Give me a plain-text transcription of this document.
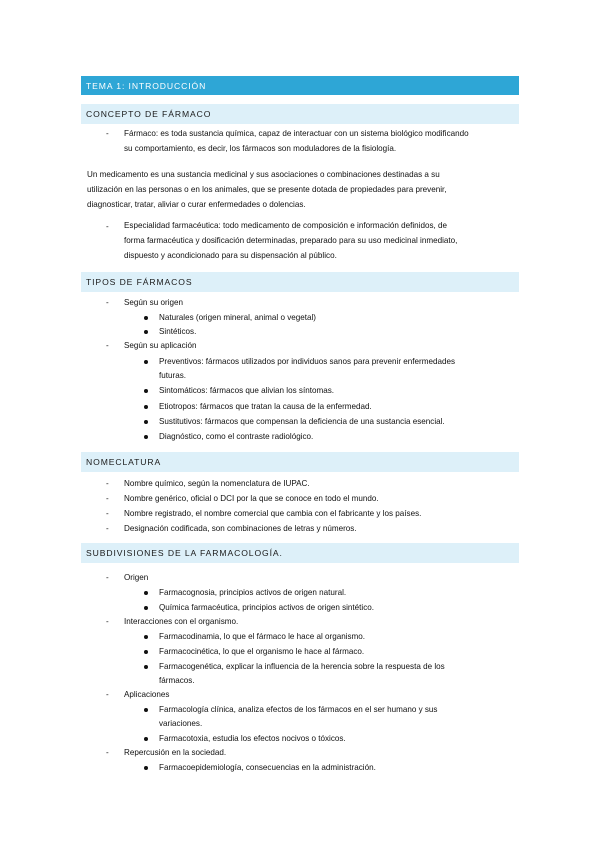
TEMA 1: INTRODUCCIÓN
CONCEPTO DE FÁRMACO
- Fármaco: es toda sustancia química, capaz de interactuar con un sistema biológico modificando
su comportamiento, es decir, los fármacos son moduladores de la fisiología.
Un medicamento es una sustancia medicinal y sus asociaciones o combinaciones destinadas a su
utilización en las personas o en los animales, que se presente dotada de propiedades para prevenir,
diagnosticar, tratar, aliviar o curar enfermedades o dolencias.
- Especialidad farmacéutica: todo medicamento de composición e información definidos, de
forma farmacéutica y dosificación determinadas, preparado para su uso medicinal inmediato,
dispuesto y acondicionado para su dispensación al público.
TIPOS DE FÁRMACOS
- Según su origen
Naturales (origen mineral, animal o vegetal)
Sintéticos.
- Según su aplicación
Preventivos: fármacos utilizados por individuos sanos para prevenir enfermedades
futuras.
Sintomáticos: fármacos que alivian los síntomas.
Etiotropos: fármacos que tratan la causa de la enfermedad.
Sustitutivos: fármacos que compensan la deficiencia de una sustancia esencial.
Diagnóstico, como el contraste radiológico.
NOMECLATURA
- Nombre químico, según la nomenclatura de IUPAC.
- Nombre genérico, oficial o DCI por la que se conoce en todo el mundo.
- Nombre registrado, el nombre comercial que cambia con el fabricante y los países.
- Designación codificada, son combinaciones de letras y números.
SUBDIVISIONES DE LA FARMACOLOGÍA.
- Origen
Farmacognosia, principios activos de origen natural.
Química farmacéutica, principios activos de origen sintético.
- Interacciones con el organismo.
Farmacodinamia, lo que el fármaco le hace al organismo.
Farmacocinética, lo que el organismo le hace al fármaco.
Farmacogenética, explicar la influencia de la herencia sobre la respuesta de los
fármacos.
- Aplicaciones
Farmacología clínica, analiza efectos de los fármacos en el ser humano y sus
variaciones.
Farmacotoxia, estudia los efectos nocivos o tóxicos.
- Repercusión en la sociedad.
Farmacoepidemiología, consecuencias en la administración.
